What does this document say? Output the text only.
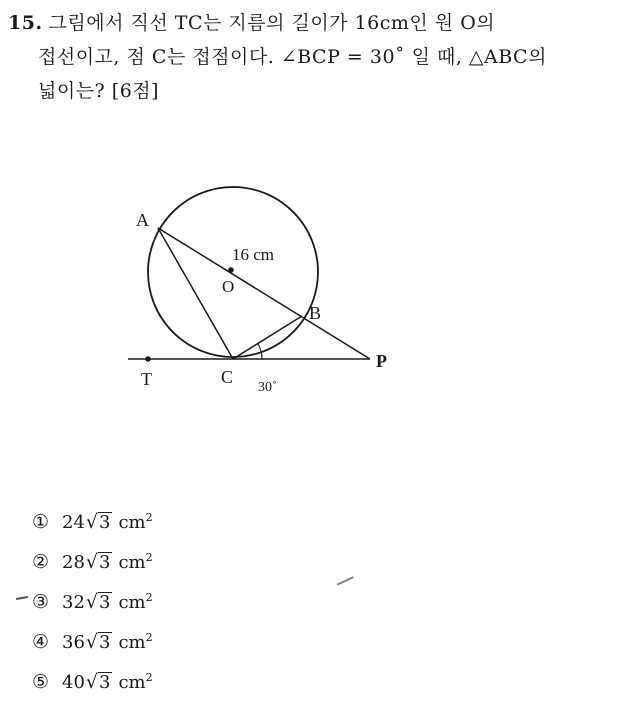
15. 그림에서 직선 TC는 지름의 길이가 16cm인 원 O의
접선이고, 점 C는 접점이다. ∠BCP = 30˚ 일 때, △ABC의
넓이는? [6점]
A
B
C
O
P
T
16 cm
30˚
① 24 √ 3 $cm^2$
② 28 √ 3 $cm^2$
③ 32 √ 3 $cm^2$
④ 36 √ 3 $cm^2$
⑤ 40 √ 3 $cm^2$
